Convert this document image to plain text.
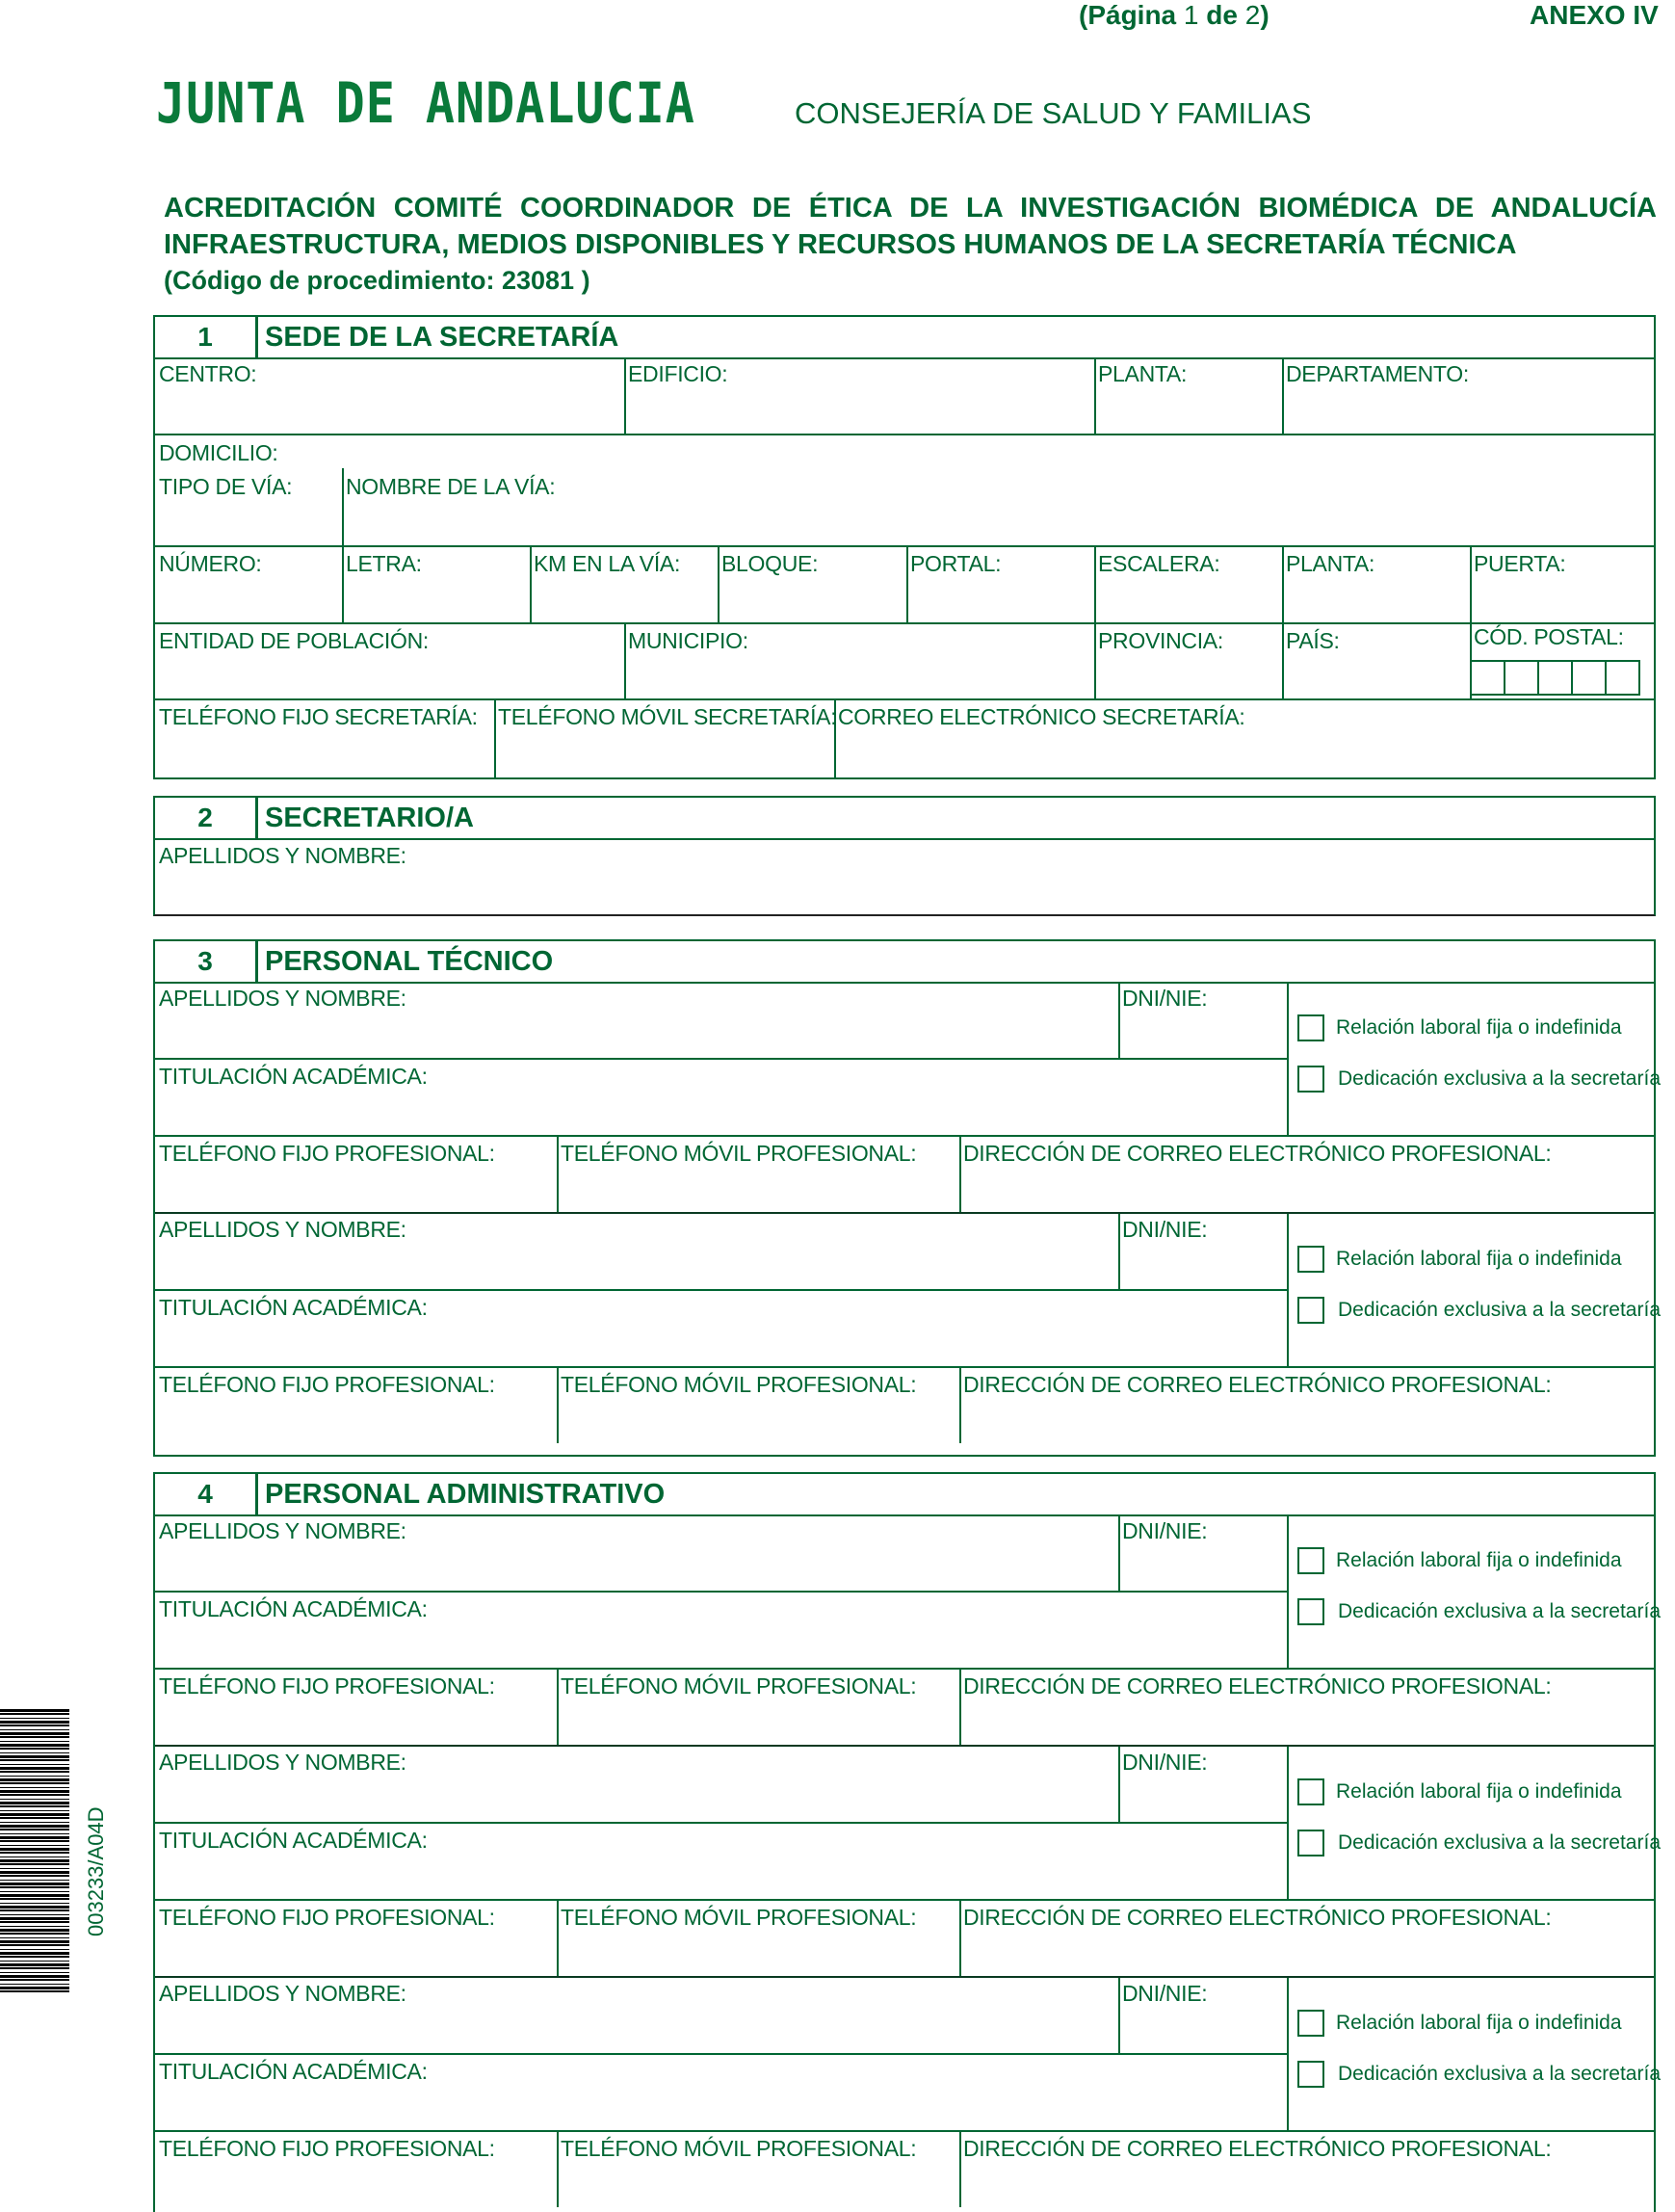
(Página 1 de 2)	ANEXO IV
JUNTA DE ANDALUCIA	CONSEJERÍA DE SALUD Y FAMILIAS
ACREDITACIÓN COMITÉ COORDINADOR DE ÉTICA DE LA INVESTIGACIÓN BIOMÉDICA DE ANDALUCÍA
INFRAESTRUCTURA, MEDIOS DISPONIBLES Y RECURSOS HUMANOS DE LA SECRETARÍA TÉCNICA
(Código de procedimiento: 23081 )
1	SEDE DE LA SECRETARÍA
CENTRO:	EDIFICIO:	PLANTA:	DEPARTAMENTO:
DOMICILIO:
TIPO DE VÍA: NOMBRE DE LA VÍA:
NÚMERO:	LETRA:	KM EN LA VÍA: BLOQUE:	PORTAL:	ESCALERA:	PLANTA:	PUERTA:
ENTIDAD DE POBLACIÓN:	MUNICIPIO:	PROVINCIA:	PAÍS:	CÓD. POSTAL:
TELÉFONO FIJO SECRETARÍA: TELÉFONO MÓVIL SECRETARÍA: CORREO ELECTRÓNICO SECRETARÍA:
2	SECRETARIO/A
APELLIDOS Y NOMBRE:
3	PERSONAL TÉCNICO
APELLIDOS Y NOMBRE:	DNI/NIE:
TITULACIÓN ACADÉMICA:
Relación laboral fija o indefinida
Dedicación exclusiva a la secretaría
TELÉFONO FIJO PROFESIONAL:	TELÉFONO MÓVIL PROFESIONAL: DIRECCIÓN DE CORREO ELECTRÓNICO PROFESIONAL:
APELLIDOS Y NOMBRE:	DNI/NIE:
TITULACIÓN ACADÉMICA:
Relación laboral fija o indefinida
Dedicación exclusiva a la secretaría
TELÉFONO FIJO PROFESIONAL:	TELÉFONO MÓVIL PROFESIONAL: DIRECCIÓN DE CORREO ELECTRÓNICO PROFESIONAL:
4	PERSONAL ADMINISTRATIVO
APELLIDOS Y NOMBRE:	DNI/NIE:
TITULACIÓN ACADÉMICA:
Relación laboral fija o indefinida
Dedicación exclusiva a la secretaría
TELÉFONO FIJO PROFESIONAL:	TELÉFONO MÓVIL PROFESIONAL: DIRECCIÓN DE CORREO ELECTRÓNICO PROFESIONAL:
APELLIDOS Y NOMBRE:	DNI/NIE:
TITULACIÓN ACADÉMICA:
Relación laboral fija o indefinida
Dedicación exclusiva a la secretaría
TELÉFONO FIJO PROFESIONAL:	TELÉFONO MÓVIL PROFESIONAL: DIRECCIÓN DE CORREO ELECTRÓNICO PROFESIONAL:
APELLIDOS Y NOMBRE:	DNI/NIE:
TITULACIÓN ACADÉMICA:
Relación laboral fija o indefinida
Dedicación exclusiva a la secretaría
TELÉFONO FIJO PROFESIONAL:	TELÉFONO MÓVIL PROFESIONAL: DIRECCIÓN DE CORREO ELECTRÓNICO PROFESIONAL:
003233/A04D
